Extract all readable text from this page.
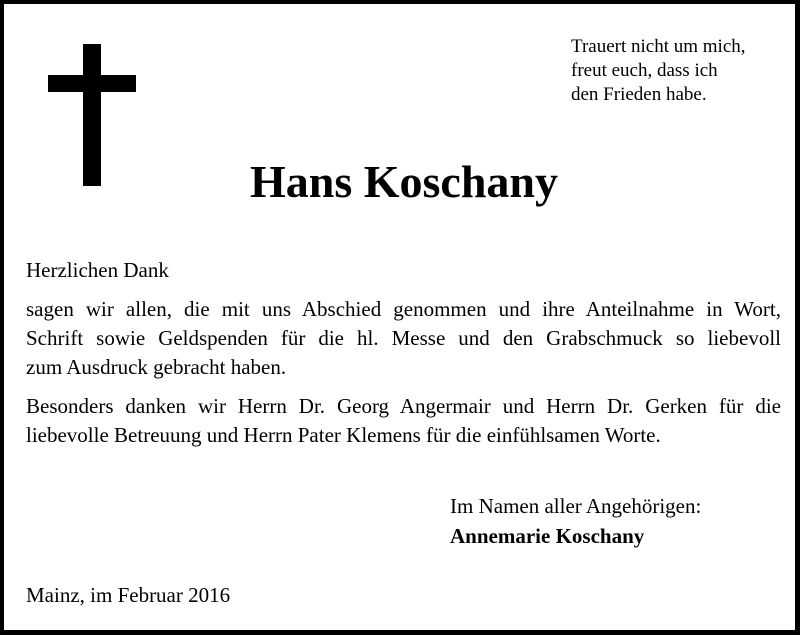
Trauert nicht um mich,
freut euch, dass ich
den Frieden habe.

Hans Koschany

Herzlichen Dank

sagen wir allen, die mit uns Abschied genommen und ihre Anteilnahme in Wort,
Schrift sowie Geldspenden für die hl. Messe und den Grabschmuck so liebevoll
zum Ausdruck gebracht haben.

Besonders danken wir Herrn Dr. Georg Angermair und Herrn Dr. Gerken für die
liebevolle Betreuung und Herrn Pater Klemens für die einfühlsamen Worte.

Im Namen aller Angehörigen:
Annemarie Koschany

Mainz, im Februar 2016
